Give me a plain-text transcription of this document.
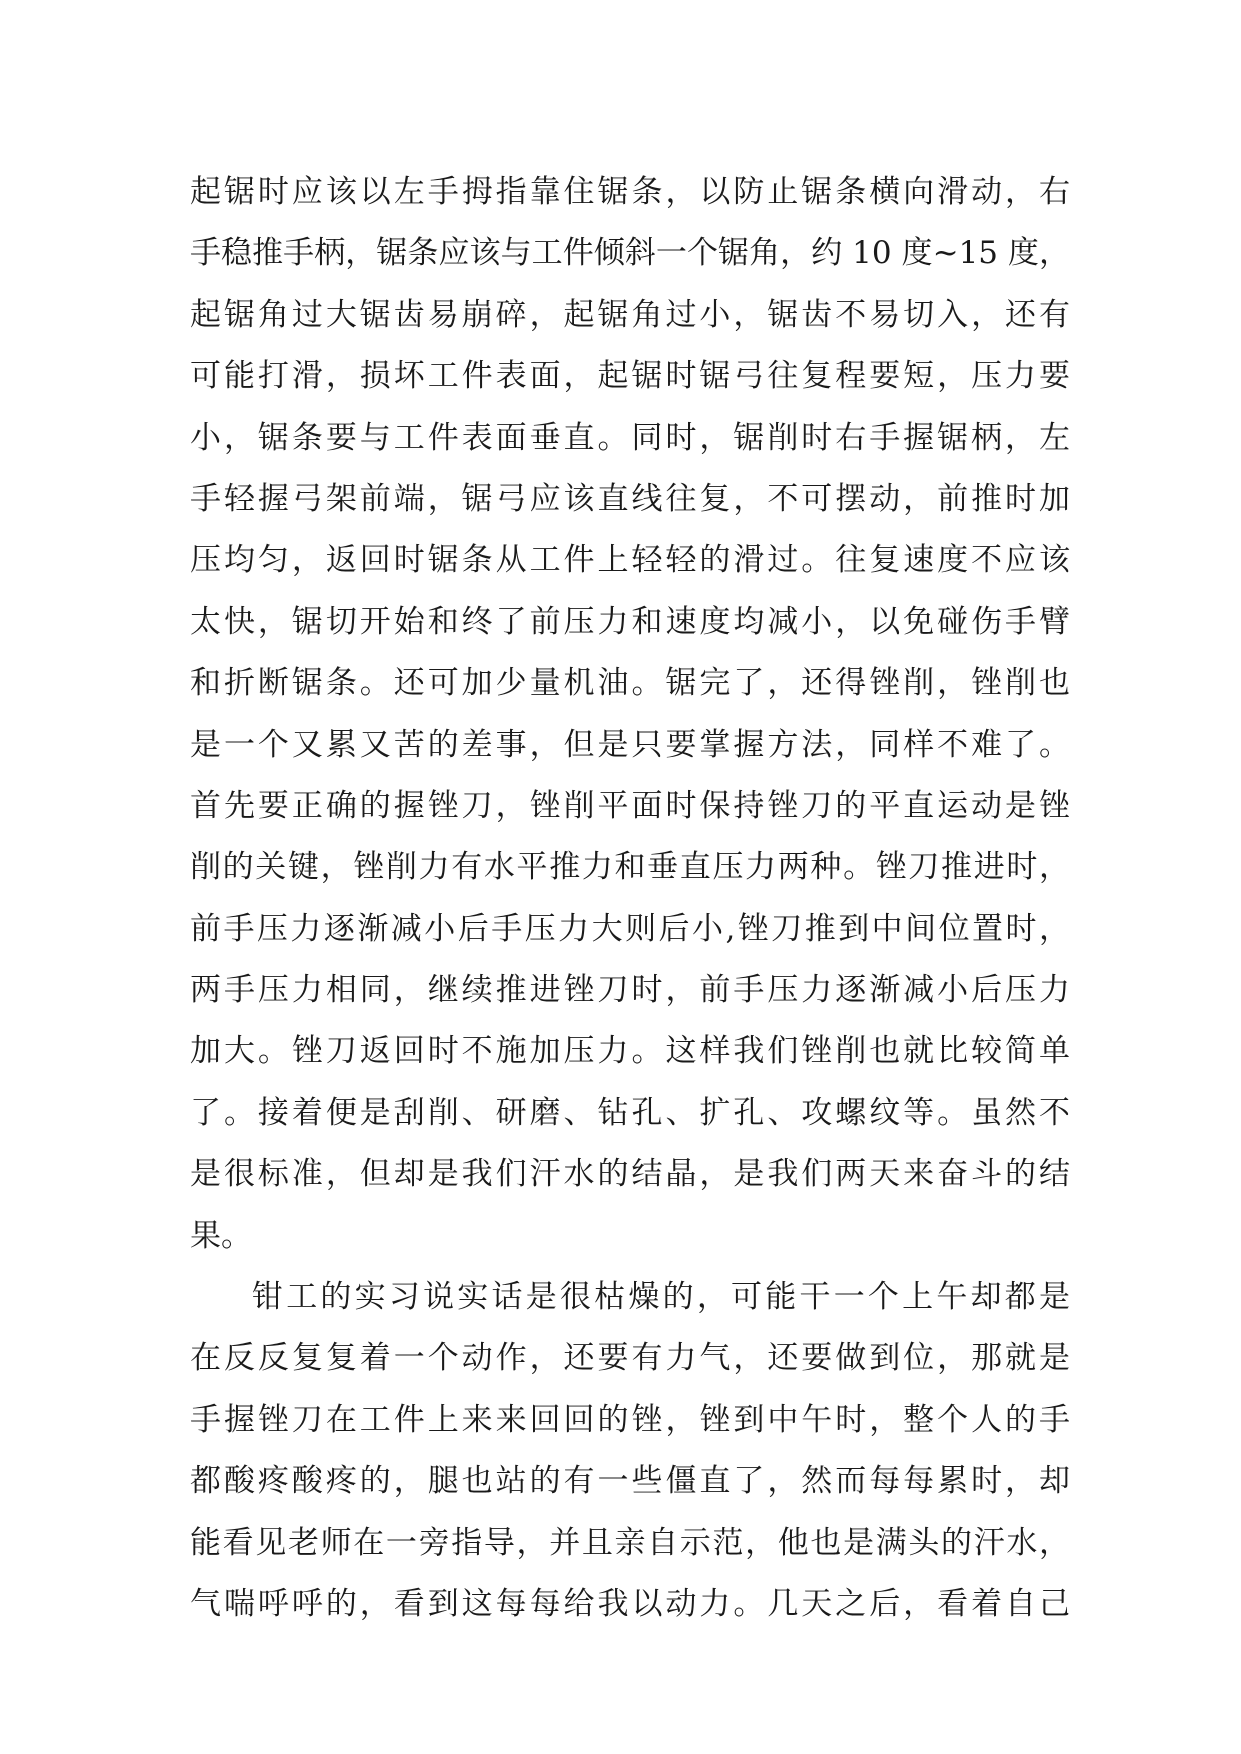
起锯时应该以左手拇指靠住锯条，以防止锯条横向滑动，右
手稳推手柄，锯条应该与工件倾斜一个锯角，约 10 度~15 度，
起锯角过大锯齿易崩碎，起锯角过小，锯齿不易切入，还有
可能打滑，损坏工件表面，起锯时锯弓往复程要短，压力要
小，锯条要与工件表面垂直。同时，锯削时右手握锯柄，左
手轻握弓架前端，锯弓应该直线往复，不可摆动，前推时加
压均匀，返回时锯条从工件上轻轻的滑过。往复速度不应该
太快，锯切开始和终了前压力和速度均减小，以免碰伤手臂
和折断锯条。还可加少量机油。锯完了，还得锉削，锉削也
是一个又累又苦的差事，但是只要掌握方法，同样不难了。
首先要正确的握锉刀，锉削平面时保持锉刀的平直运动是锉
削的关键，锉削力有水平推力和垂直压力两种。锉刀推进时，
前手压力逐渐减小后手压力大则后小,锉刀推到中间位置时，
两手压力相同，继续推进锉刀时，前手压力逐渐减小后压力
加大。锉刀返回时不施加压力。这样我们锉削也就比较简单
了。接着便是刮削、研磨、钻孔、扩孔、攻螺纹等。虽然不
是很标准，但却是我们汗水的结晶，是我们两天来奋斗的结
果。
钳工的实习说实话是很枯燥的，可能干一个上午却都是
在反反复复着一个动作，还要有力气，还要做到位，那就是
手握锉刀在工件上来来回回的锉，锉到中午时，整个人的手
都酸疼酸疼的，腿也站的有一些僵直了，然而每每累时，却
能看见老师在一旁指导，并且亲自示范，他也是满头的汗水，
气喘呼呼的，看到这每每给我以动力。几天之后，看着自己
